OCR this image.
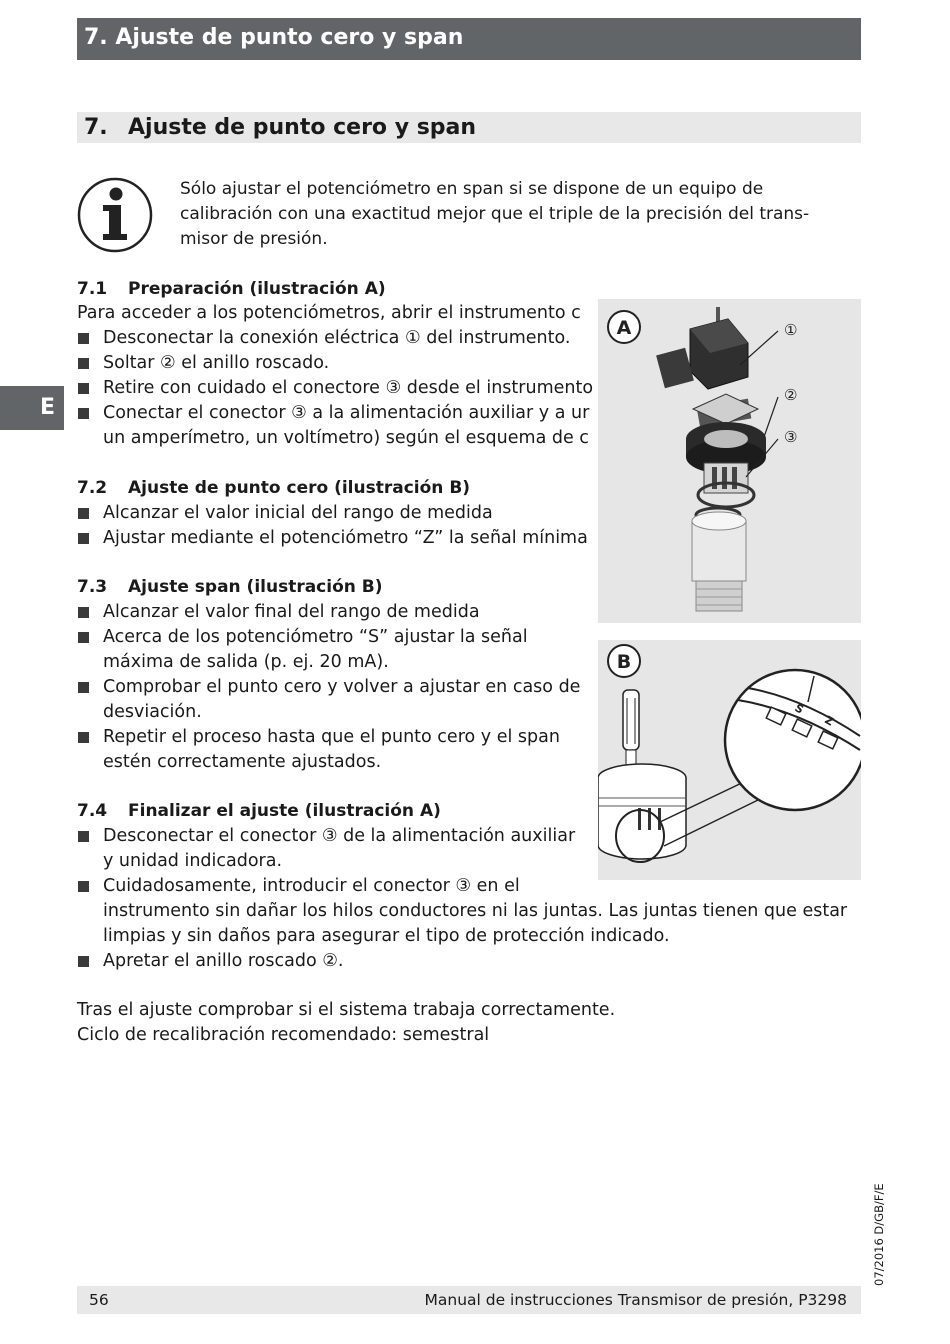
7. Ajuste de punto cero y span
7. Ajuste de punto cero y span
Sólo ajustar el potenciómetro en span si se dispone de un equipo de
calibración con una exactitud mejor que el triple de la precisión del trans-
misor de presión.
E
A	①
②
③
B
S
Z
7.1 Preparación (ilustración A)
Para acceder a los potenciómetros, abrir el instrumento c
Desconectar la conexión eléctrica ① del instrumento.
Soltar ② el anillo roscado.
Retire con cuidado el conectore ③ desde el instrumento
Conectar el conector ③ a la alimentación auxiliar y a ur
un amperímetro, un voltímetro) según el esquema de c
7.2 Ajuste de punto cero (ilustración B)
Alcanzar el valor inicial del rango de medida
Ajustar mediante el potenciómetro “Z” la señal mínima
7.3 Ajuste span (ilustración B)
Alcanzar el valor final del rango de medida
Acerca de los potenciómetro “S” ajustar la señal
máxima de salida (p. ej. 20 mA).
Comprobar el punto cero y volver a ajustar en caso de
desviación.
Repetir el proceso hasta que el punto cero y el span
estén correctamente ajustados.
7.4 Finalizar el ajuste (ilustración A)
Desconectar el conector ③ de la alimentación auxiliar
y unidad indicadora.
Cuidadosamente, introducir el conector ③ en el
instrumento sin dañar los hilos conductores ni las juntas. Las juntas tienen que estar
limpias y sin daños para asegurar el tipo de protección indicado.
Apretar el anillo roscado ②.
Tras el ajuste comprobar si el sistema trabaja correctamente.
Ciclo de recalibración recomendado: semestral
56	Manual de instrucciones Transmisor de presión, P3298
07/2016 D/GB/F/E
